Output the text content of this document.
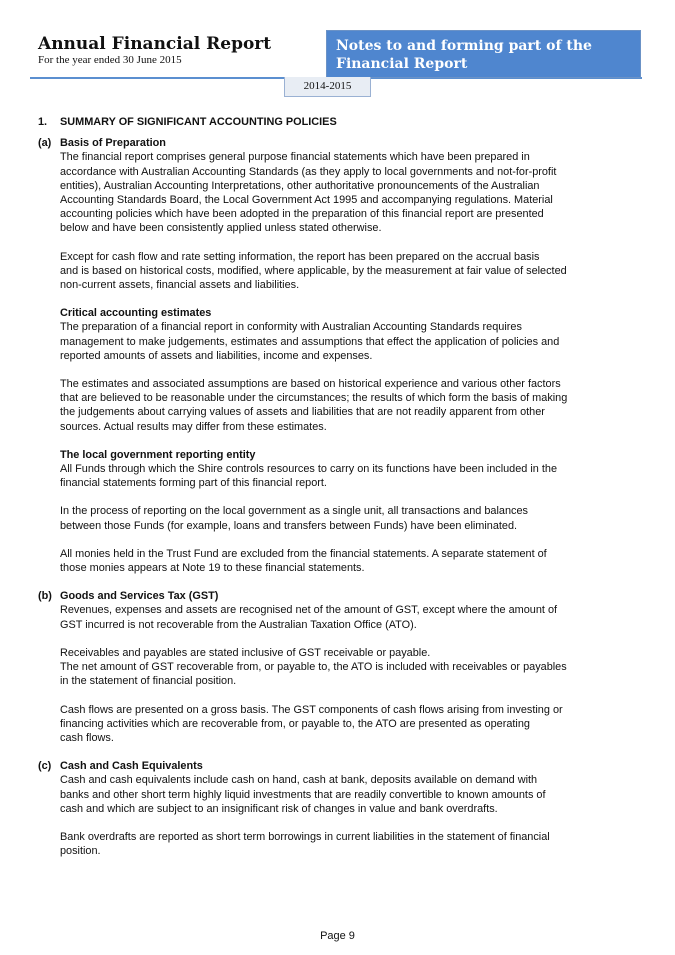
Annual Financial Report
For the year ended 30 June 2015
Notes to and forming part of the
Financial Report
2014-2015

1. SUMMARY OF SIGNIFICANT ACCOUNTING POLICIES

(a) Basis of Preparation

The financial report comprises general purpose financial statements which have been prepared in

accordance with Australian Accounting Standards (as they apply to local governments and not-for-profit

entities), Australian Accounting Interpretations, other authoritative pronouncements of the Australian

Accounting Standards Board, the Local Government Act 1995 and accompanying regulations. Material

accounting policies which have been adopted in the preparation of this financial report are presented

below and have been consistently applied unless stated otherwise.

Except for cash flow and rate setting information, the report has been prepared on the accrual basis

and is based on historical costs, modified, where applicable, by the measurement at fair value of selected

non-current assets, financial assets and liabilities.

Critical accounting estimates

The preparation of a financial report in conformity with Australian Accounting Standards requires

management to make judgements, estimates and assumptions that effect the application of policies and

reported amounts of assets and liabilities, income and expenses.

The estimates and associated assumptions are based on historical experience and various other factors

that are believed to be reasonable under the circumstances; the results of which form the basis of making

the judgements about carrying values of assets and liabilities that are not readily apparent from other

sources. Actual results may differ from these estimates.

The local government reporting entity

All Funds through which the Shire controls resources to carry on its functions have been included in the

financial statements forming part of this financial report.

In the process of reporting on the local government as a single unit, all transactions and balances

between those Funds (for example, loans and transfers between Funds) have been eliminated.

All monies held in the Trust Fund are excluded from the financial statements. A separate statement of

those monies appears at Note 19 to these financial statements.

(b) Goods and Services Tax (GST)

Revenues, expenses and assets are recognised net of the amount of GST, except where the amount of

GST incurred is not recoverable from the Australian Taxation Office (ATO).

Receivables and payables are stated inclusive of GST receivable or payable.

The net amount of GST recoverable from, or payable to, the ATO is included with receivables or payables

in the statement of financial position.

Cash flows are presented on a gross basis. The GST components of cash flows arising from investing or

financing activities which are recoverable from, or payable to, the ATO are presented as operating

cash flows.

(c) Cash and Cash Equivalents

Cash and cash equivalents include cash on hand, cash at bank, deposits available on demand with

banks and other short term highly liquid investments that are readily convertible to known amounts of

cash and which are subject to an insignificant risk of changes in value and bank overdrafts.

Bank overdrafts are reported as short term borrowings in current liabilities in the statement of financial

position.

Page 9
